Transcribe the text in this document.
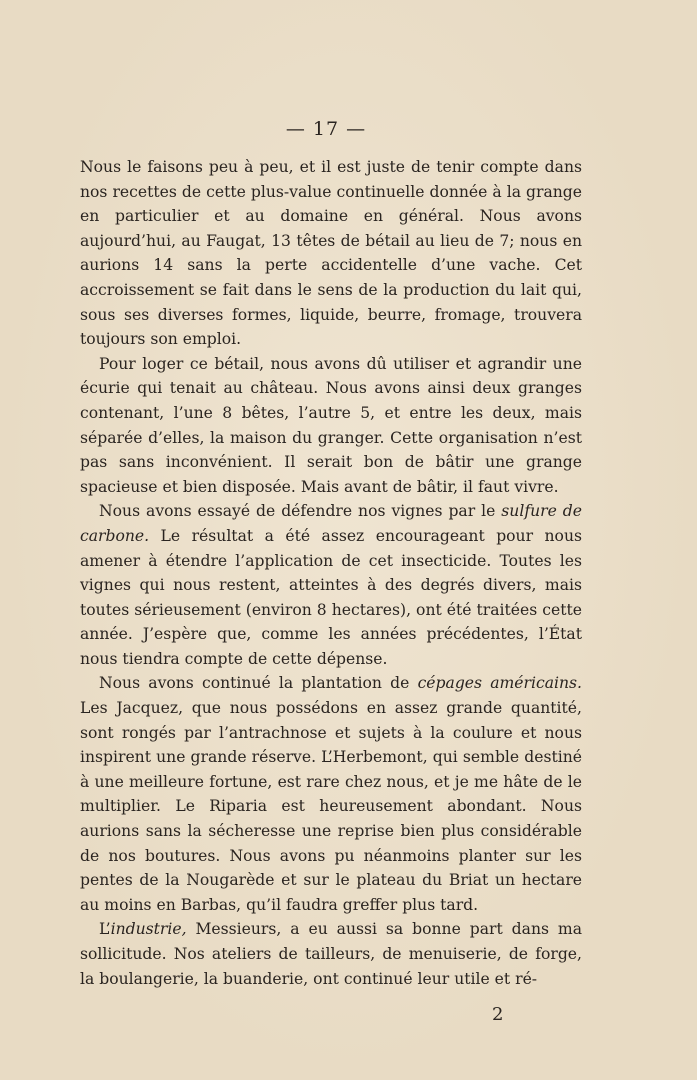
— 17 —

Nous le faisons peu à peu, et il est juste de tenir compte dans nos recettes de cette plus-value continuelle donnée à la grange en particulier et au domaine en général. Nous avons aujourd’hui, au Faugat, 13 têtes de bétail au lieu de 7; nous en aurions 14 sans la perte accidentelle d’une vache. Cet accroissement se fait dans le sens de la production du lait qui, sous ses diverses formes, liquide, beurre, fromage, trouvera toujours son emploi.

Pour loger ce bétail, nous avons dû utiliser et agrandir une écurie qui tenait au château. Nous avons ainsi deux granges contenant, l’une 8 bêtes, l’autre 5, et entre les deux, mais séparée d’elles, la maison du granger. Cette organisation n’est pas sans inconvénient. Il serait bon de bâtir une grange spacieuse et bien disposée. Mais avant de bâtir, il faut vivre.

Nous avons essayé de défendre nos vignes par le sulfure de carbone. Le résultat a été assez encourageant pour nous amener à étendre l’application de cet insecticide. Toutes les vignes qui nous restent, atteintes à des degrés divers, mais toutes sérieusement (environ 8 hectares), ont été traitées cette année. J’espère que, comme les années précédentes, l’État nous tiendra compte de cette dépense.

Nous avons continué la plantation de cépages américains. Les Jacquez, que nous possédons en assez grande quantité, sont rongés par l’antrachnose et sujets à la coulure et nous inspirent une grande réserve. L’Herbemont, qui semble destiné à une meilleure fortune, est rare chez nous, et je me hâte de le multiplier. Le Riparia est heureusement abondant. Nous aurions sans la sécheresse une reprise bien plus considérable de nos boutures. Nous avons pu néanmoins planter sur les pentes de la Nougarède et sur le plateau du Briat un hectare au moins en Barbas, qu’il faudra greffer plus tard.

L’industrie, Messieurs, a eu aussi sa bonne part dans ma sollicitude. Nos ateliers de tailleurs, de menuiserie, de forge, la boulangerie, la buanderie, ont continué leur utile et ré-

2
